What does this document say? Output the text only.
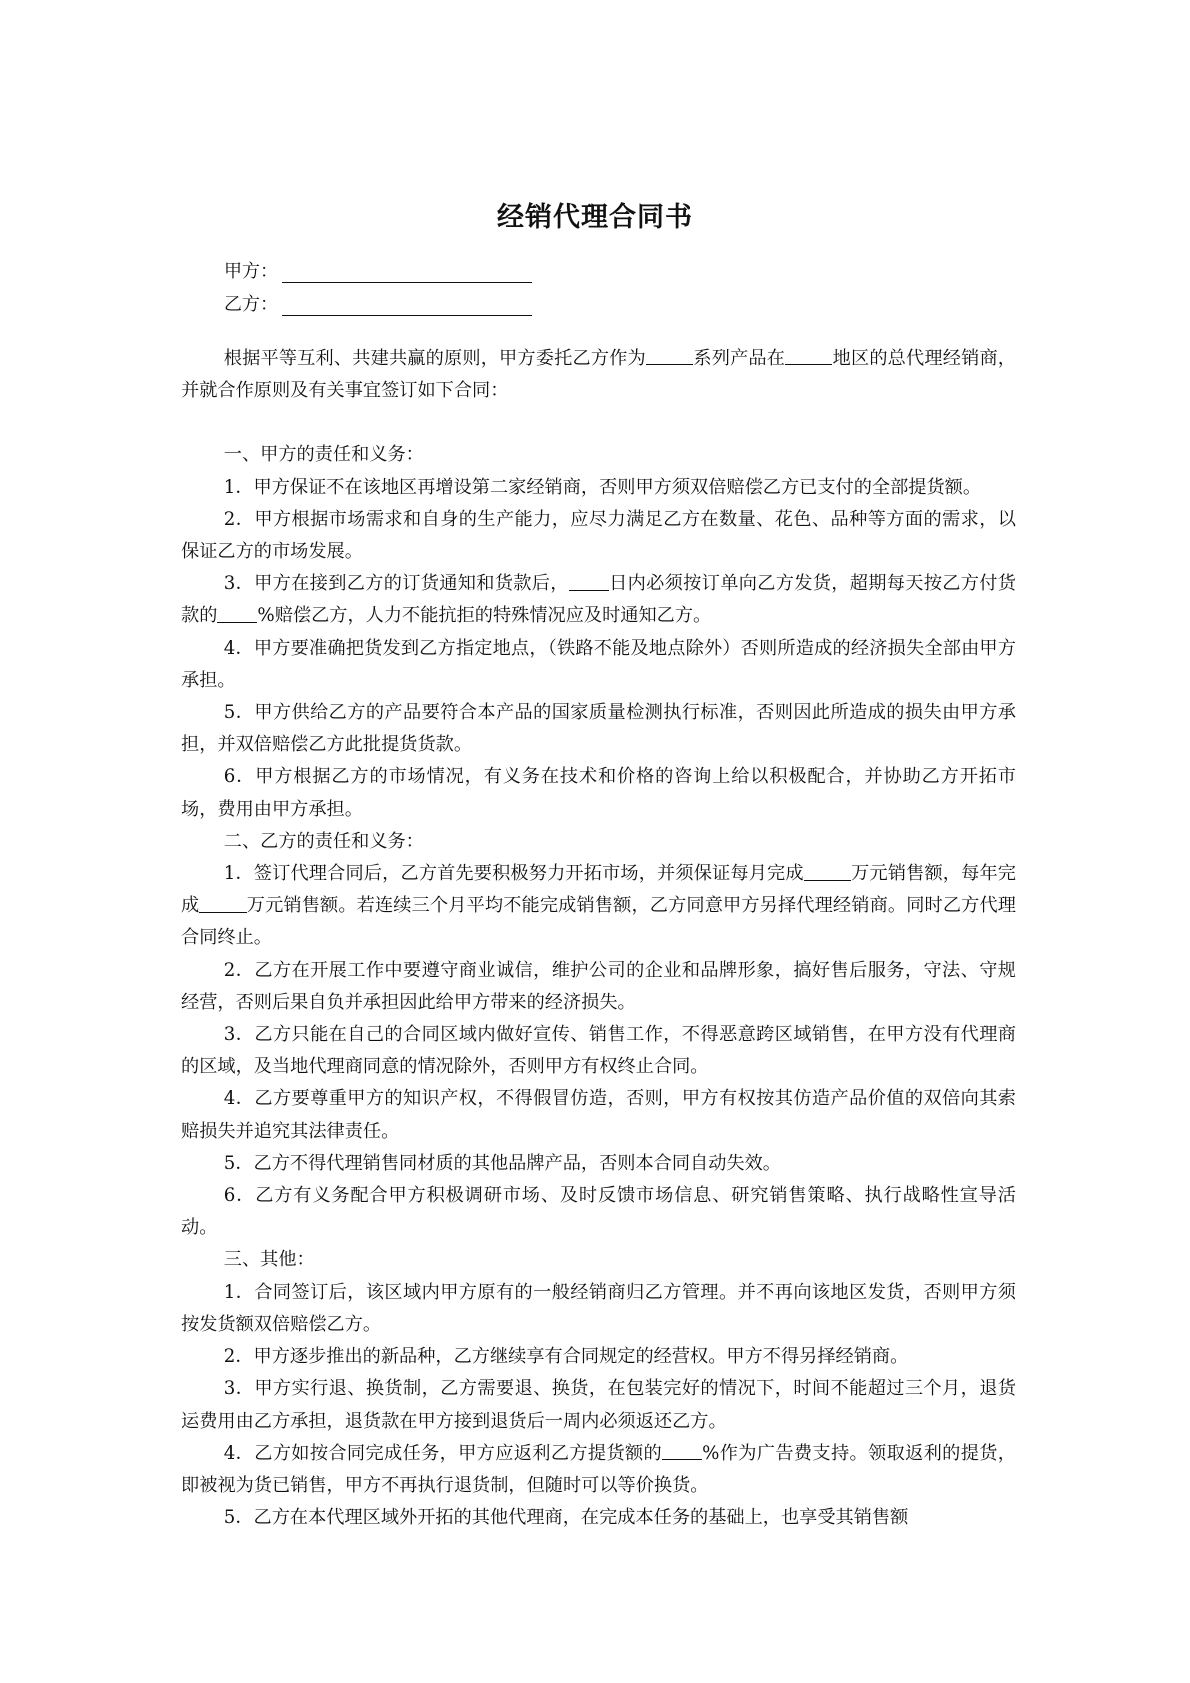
经销代理合同书
甲方：
乙方：

根据平等互利、共建共赢的原则，甲方委托乙方作为	系列产品在	地区的总代理经销商，并就合作原则及有关事宜签订如下合同：

一、甲方的责任和义务：

1．甲方保证不在该地区再增设第二家经销商，否则甲方须双倍赔偿乙方已支付的全部提货额。

2．甲方根据市场需求和自身的生产能力，应尽力满足乙方在数量、花色、品种等方面的需求，以保证乙方的市场发展。

3．甲方在接到乙方的订货通知和货款后， 日内必须按订单向乙方发货，超期每天按乙方付货款的 %赔偿乙方，人力不能抗拒的特殊情况应及时通知乙方。

4．甲方要准确把货发到乙方指定地点，（铁路不能及地点除外）否则所造成的经济损失全部由甲方承担。

5．甲方供给乙方的产品要符合本产品的国家质量检测执行标准，否则因此所造成的损失由甲方承担，并双倍赔偿乙方此批提货货款。

6．甲方根据乙方的市场情况，有义务在技术和价格的咨询上给以积极配合，并协助乙方开拓市场，费用由甲方承担。

二、乙方的责任和义务：

1．签订代理合同后，乙方首先要积极努力开拓市场，并须保证每月完成	万元销售额，每年完成	万元销售额。若连续三个月平均不能完成销售额，乙方同意甲方另择代理经销商。同时乙方代理合同终止。

2．乙方在开展工作中要遵守商业诚信，维护公司的企业和品牌形象，搞好售后服务，守法、守规经营，否则后果自负并承担因此给甲方带来的经济损失。

3．乙方只能在自己的合同区域内做好宣传、销售工作，不得恶意跨区域销售，在甲方没有代理商的区域，及当地代理商同意的情况除外，否则甲方有权终止合同。

4．乙方要尊重甲方的知识产权，不得假冒仿造，否则，甲方有权按其仿造产品价值的双倍向其索赔损失并追究其法律责任。

5．乙方不得代理销售同材质的其他品牌产品，否则本合同自动失效。

6．乙方有义务配合甲方积极调研市场、及时反馈市场信息、研究销售策略、执行战略性宣导活动。

三、其他：

1．合同签订后，该区域内甲方原有的一般经销商归乙方管理。并不再向该地区发货，否则甲方须按发货额双倍赔偿乙方。

2．甲方逐步推出的新品种，乙方继续享有合同规定的经营权。甲方不得另择经销商。

3．甲方实行退、换货制，乙方需要退、换货，在包装完好的情况下，时间不能超过三个月，退货运费用由乙方承担，退货款在甲方接到退货后一周内必须返还乙方。

4．乙方如按合同完成任务，甲方应返利乙方提货额的 %作为广告费支持。领取返利的提货，即被视为货已销售，甲方不再执行退货制，但随时可以等价换货。

5．乙方在本代理区域外开拓的其他代理商，在完成本任务的基础上，也享受其销售额
